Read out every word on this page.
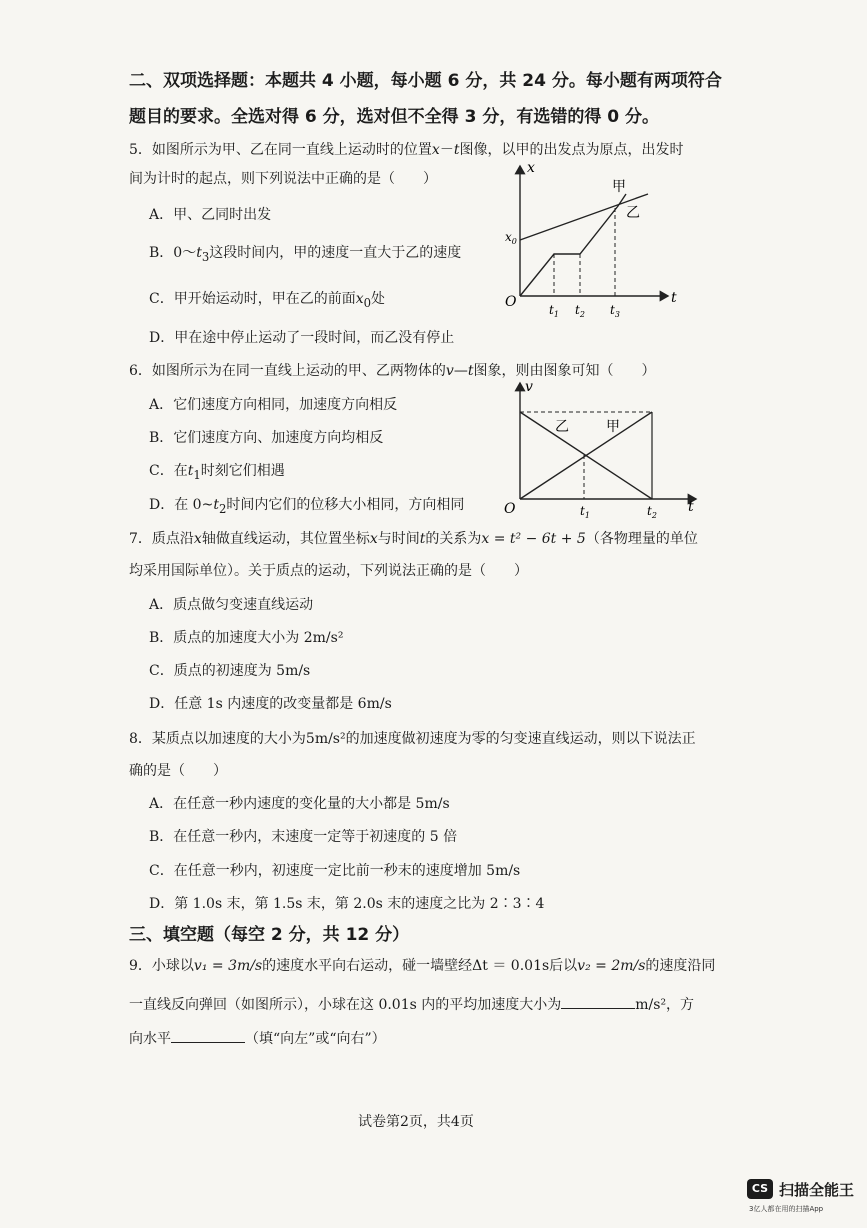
二、双项选择题：本题共 4 小题，每小题 6 分，共 24 分。每小题有两项符合
题目的要求。全选对得 6 分，选对但不全得 3 分，有选错的得 0 分。
5．如图所示为甲、乙在同一直线上运动时的位置x－t图像，以甲的出发点为原点，出发时
间为计时的起点，则下列说法中正确的是（　　）
A．甲、乙同时出发
B．$0\sim t_3$这段时间内，甲的速度一直大于乙的速度
C．甲开始运动时，甲在乙的前面$x_0$处
D．甲在途中停止运动了一段时间，而乙没有停止
x
t
O
$x_0$
$t_1$ $t_2$ $t_3$
甲
乙
6．如图所示为在同一直线上运动的甲、乙两物体的v—t图象，则由图象可知（　　）
A．它们速度方向相同，加速度方向相反
B．它们速度方向、加速度方向均相反
C．在$t_1$时刻它们相遇
D．在 $0\sim t_2$时间内它们的位移大小相同，方向相同
v
t
O	$t_1$	$t_2$
乙	甲
7．质点沿x轴做直线运动，其位置坐标x与时间t的关系为x = t² − 6t + 5（各物理量的单位
均采用国际单位）。关于质点的运动，下列说法正确的是（　　）
A．质点做匀变速直线运动
B．质点的加速度大小为 2m/s²
C．质点的初速度为 5m/s
D．任意 1s 内速度的改变量都是 6m/s
8．某质点以加速度的大小为5m/s²的加速度做初速度为零的匀变速直线运动，则以下说法正
确的是（　　）
A．在任意一秒内速度的变化量的大小都是 5m/s
B．在任意一秒内，末速度一定等于初速度的 5 倍
C．在任意一秒内，初速度一定比前一秒末的速度增加 5m/s
D．第 1.0s 末，第 1.5s 末，第 2.0s 末的速度之比为 2∶3∶4
三、填空题（每空 2 分，共 12 分）
9．小球以v₁ = 3m/s的速度水平向右运动，碰一墙壁经Δt ＝ 0.01s后以v₂ = 2m/s的速度沿同
一直线反向弹回（如图所示），小球在这 0.01s 内的平均加速度大小为	m/s²，方
向水平	（填“向左”或“向右”）
试卷第2页，共4页
CS 扫描全能王
3亿人都在用的扫描App
